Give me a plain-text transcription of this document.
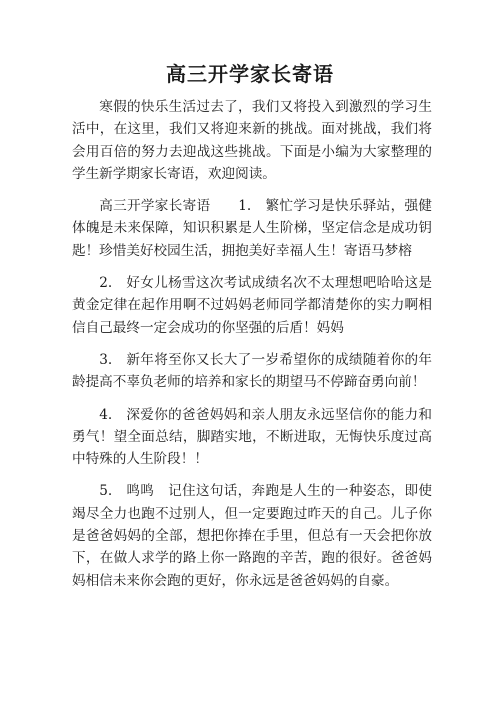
高三开学家长寄语

寒假的快乐生活过去了，我们又将投入到激烈的学习生活中，在这里，我们又将迎来新的挑战。面对挑战，我们将会用百倍的努力去迎战这些挑战。下面是小编为大家整理的学生新学期家长寄语，欢迎阅读。

高三开学家长寄语　　1.　繁忙学习是快乐驿站，强健体魄是未来保障，知识积累是人生阶梯，坚定信念是成功钥匙！珍惜美好校园生活，拥抱美好幸福人生！寄语马梦榕

2.　好女儿杨雪这次考试成绩名次不太理想吧哈哈这是黄金定律在起作用啊不过妈妈老师同学都清楚你的实力啊相信自己最终一定会成功的你坚强的后盾！妈妈

3.　新年将至你又长大了一岁希望你的成绩随着你的年龄提高不辜负老师的培养和家长的期望马不停蹄奋勇向前！

4.　深爱你的爸爸妈妈和亲人朋友永远坚信你的能力和勇气！望全面总结，脚踏实地，不断进取，无悔快乐度过高中特殊的人生阶段！！

5.　鸣鸣　记住这句话，奔跑是人生的一种姿态，即使竭尽全力也跑不过别人，但一定要跑过昨天的自己。儿子你是爸爸妈妈的全部，想把你捧在手里，但总有一天会把你放下，在做人求学的路上你一路跑的辛苦，跑的很好。爸爸妈妈相信未来你会跑的更好，你永远是爸爸妈妈的自豪。
